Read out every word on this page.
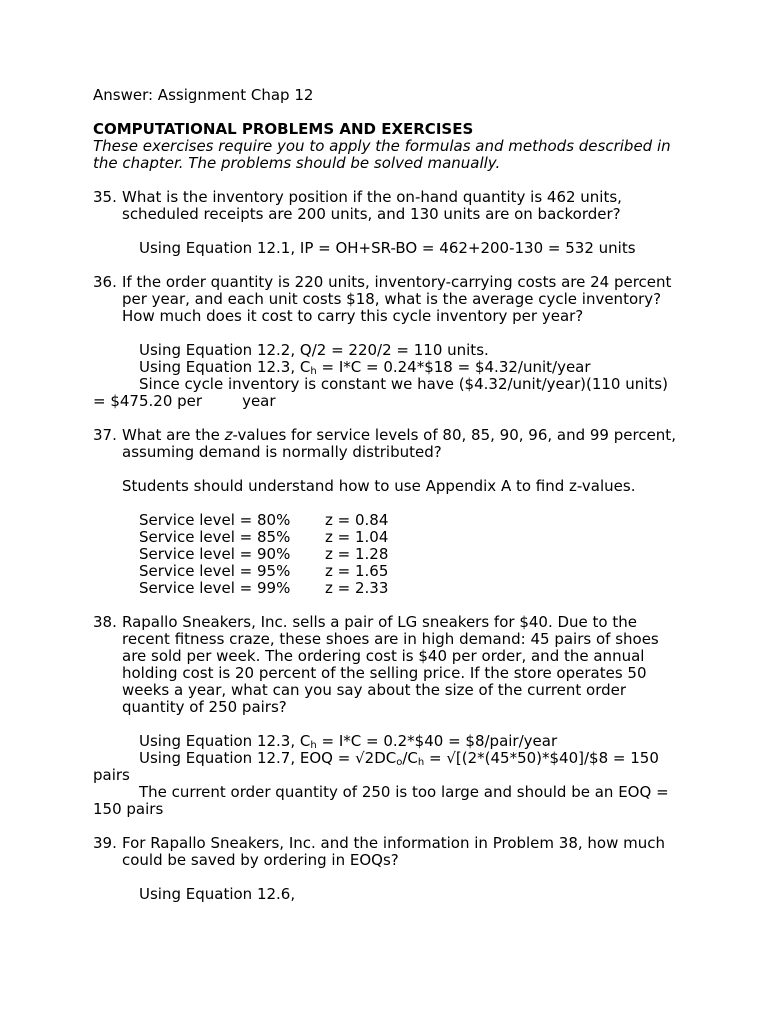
Answer: Assignment Chap 12
COMPUTATIONAL PROBLEMS AND EXERCISES
These exercises require you to apply the formulas and methods described in the chapter. The problems should be solved manually.
35. What is the inventory position if the on-hand quantity is 462 units, scheduled receipts are 200 units, and 130 units are on backorder?
Using Equation 12.1, IP = OH+SR-BO = 462+200-130 = 532 units
36. If the order quantity is 220 units, inventory-carrying costs are 24 percent per year, and each unit costs $18, what is the average cycle inventory? How much does it cost to carry this cycle inventory per year?
Using Equation 12.2, Q/2 = 220/2 = 110 units.
Using Equation 12.3, $C_h = I*C$ = 0.24*$18 = $4.32/unit/year
Since cycle inventory is constant we have ($4.32/unit/year)(110 units) = $475.20 per	year
37. What are the z-values for service levels of 80, 85, 90, 96, and 99 percent, assuming demand is normally distributed?
Students should understand how to use Appendix A to find z-values.
Service level = 80%	z = 0.84
Service level = 85%	z = 1.04
Service level = 90%	z = 1.28
Service level = 95%	z = 1.65
Service level = 99%	z = 2.33
38. Rapallo Sneakers, Inc. sells a pair of LG sneakers for $40. Due to the recent fitness craze, these shoes are in high demand: 45 pairs of shoes are sold per week. The ordering cost is $40 per order, and the annual holding cost is 20 percent of the selling price. If the store operates 50 weeks a year, what can you say about the size of the current order quantity of 250 pairs?
Using Equation 12.3, $C_h = I*C$ = 0.2*$40 = $8/pair/year
Using Equation 12.7, EOQ = $√2DC_o/C_h$ = √[(2*(45*50)*$40]/$8 = 150 pairs
The current order quantity of 250 is too large and should be an EOQ = 150 pairs
39. For Rapallo Sneakers, Inc. and the information in Problem 38, how much could be saved by ordering in EOQs?
Using Equation 12.6,
